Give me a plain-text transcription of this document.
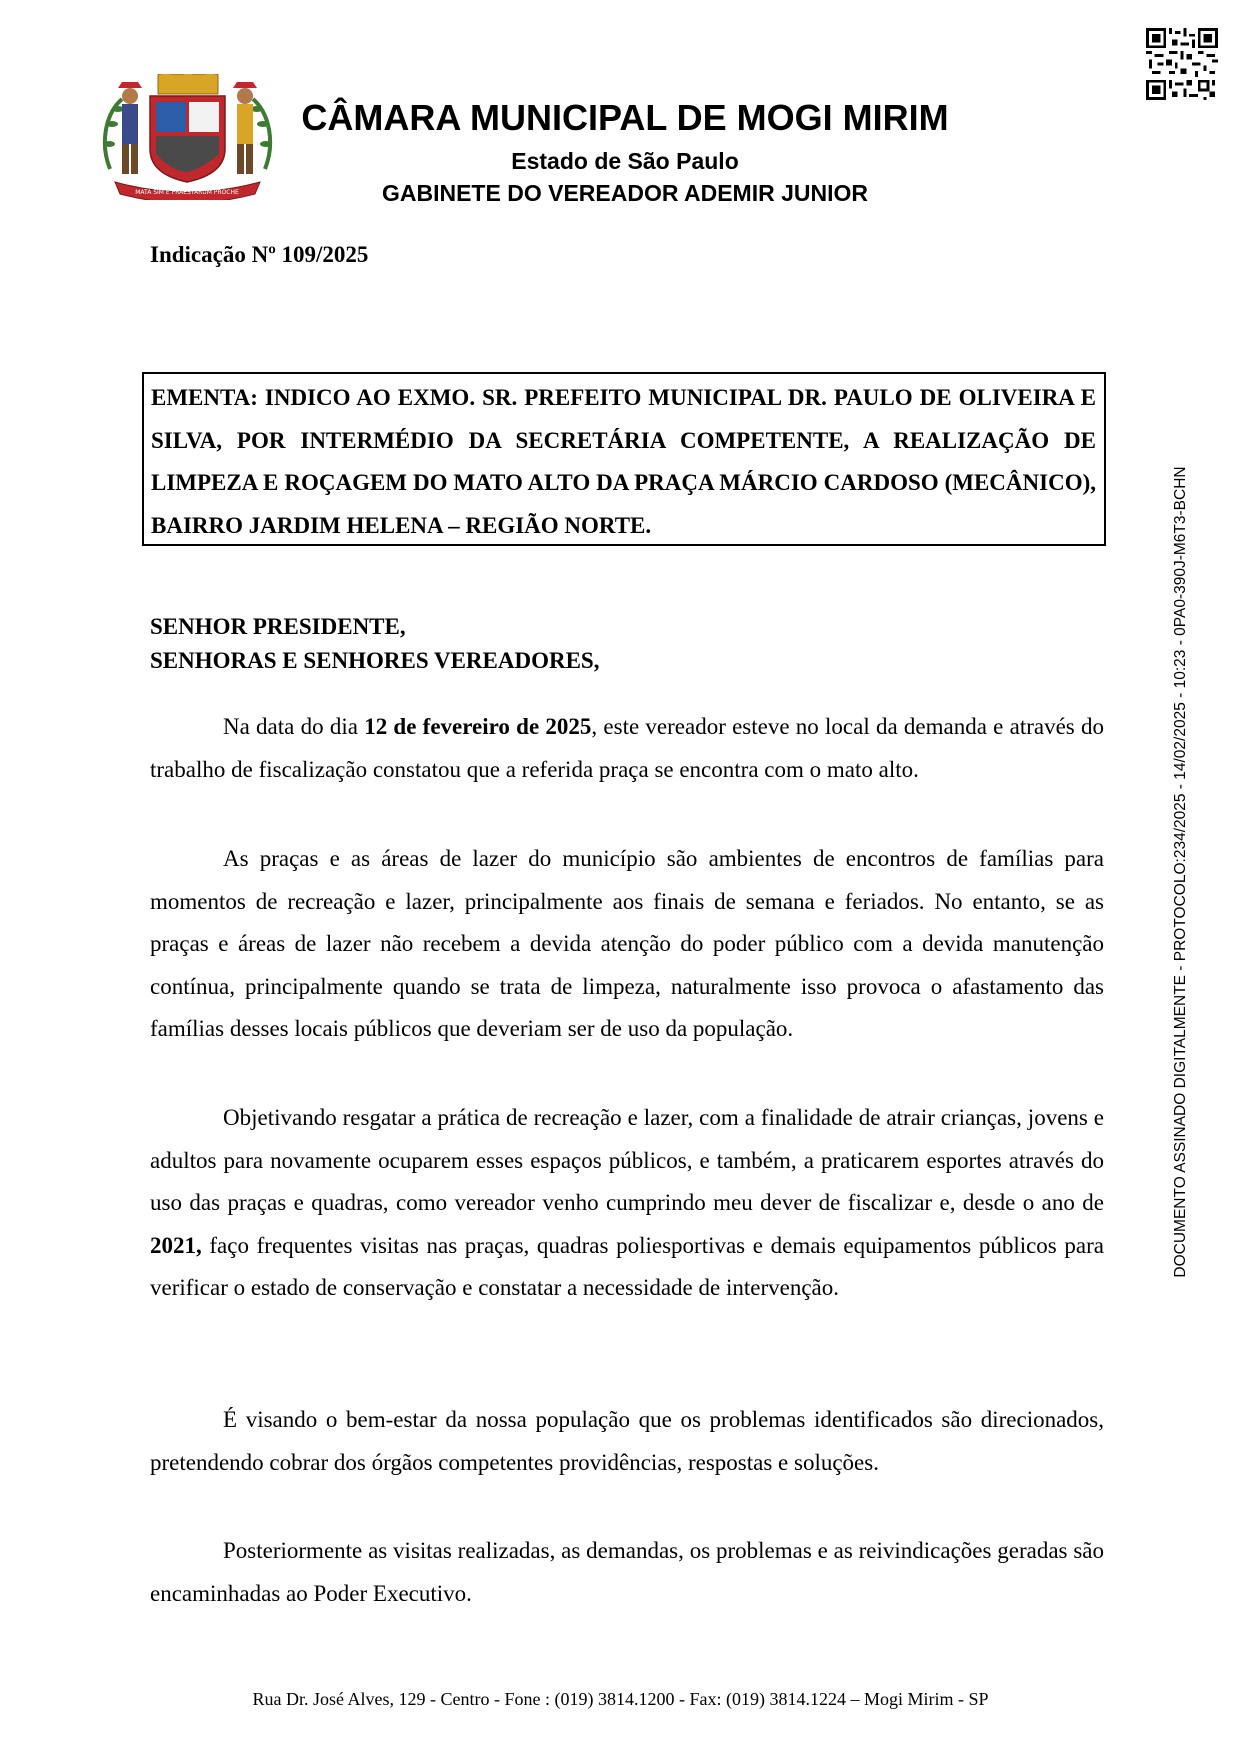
MATA SIM E PRAESTARUM PROCHE
CÂMARA MUNICIPAL DE MOGI MIRIM
Estado de São Paulo
GABINETE DO VEREADOR ADEMIR JUNIOR
Indicação Nº 109/2025

EMENTA: INDICO AO EXMO. SR. PREFEITO MUNICIPAL DR. PAULO DE OLIVEIRA E SILVA, POR INTERMÉDIO DA SECRETÁRIA COMPETENTE, A REALIZAÇÃO DE LIMPEZA E ROÇAGEM DO MATO ALTO DA PRAÇA MÁRCIO CARDOSO (MECÂNICO), BAIRRO JARDIM HELENA – REGIÃO NORTE.

SENHOR PRESIDENTE,
SENHORAS E SENHORES VEREADORES,

Na data do dia 12 de fevereiro de 2025, este vereador esteve no local da demanda e através do trabalho de fiscalização constatou que a referida praça se encontra com o mato alto.

As praças e as áreas de lazer do município são ambientes de encontros de famílias para momentos de recreação e lazer, principalmente aos finais de semana e feriados. No entanto, se as praças e áreas de lazer não recebem a devida atenção do poder público com a devida manutenção contínua, principalmente quando se trata de limpeza, naturalmente isso provoca o afastamento das famílias desses locais públicos que deveriam ser de uso da população.

Objetivando resgatar a prática de recreação e lazer, com a finalidade de atrair crianças, jovens e adultos para novamente ocuparem esses espaços públicos, e também, a praticarem esportes através do uso das praças e quadras, como vereador venho cumprindo meu dever de fiscalizar e, desde o ano de 2021, faço frequentes visitas nas praças, quadras poliesportivas e demais equipamentos públicos para verificar o estado de conservação e constatar a necessidade de intervenção.

É visando o bem-estar da nossa população que os problemas identificados são direcionados, pretendendo cobrar dos órgãos competentes providências, respostas e soluções.

Posteriormente as visitas realizadas, as demandas, os problemas e as reivindicações geradas são encaminhadas ao Poder Executivo.

DOCUMENTO ASSINADO DIGITALMENTE - PROTOCOLO:234/2025 - 14/02/2025 - 10:23 - 0PA0-390J-M6T3-BCHN
Rua Dr. José Alves, 129 - Centro - Fone : (019) 3814.1200 - Fax: (019) 3814.1224 – Mogi Mirim - SP
